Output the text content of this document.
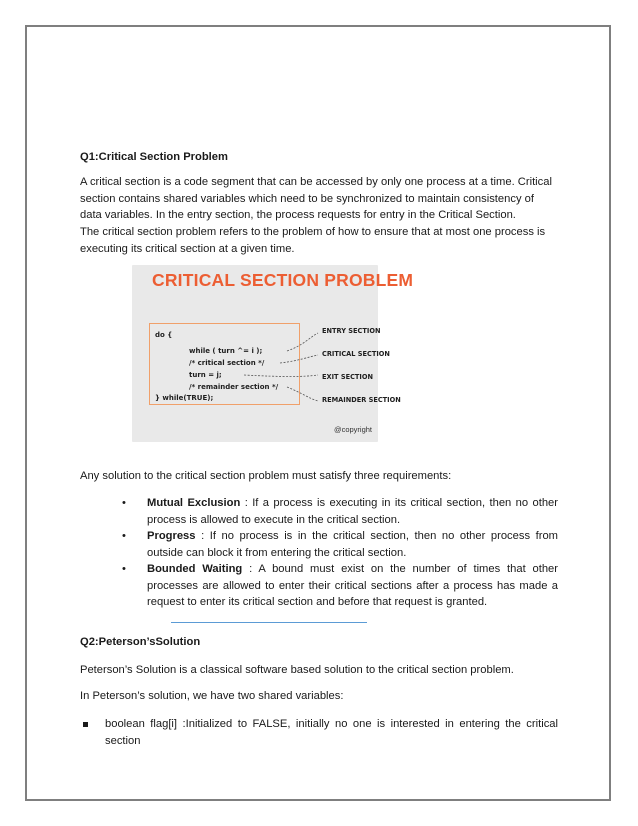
Q1:Critical Section Problem
A critical section is a code segment that can be accessed by only one process at a time. Critical section contains shared variables which need to be synchronized to maintain consistency of data variables. In the entry section, the process requests for entry in the Critical Section.
The critical section problem refers to the problem of how to ensure that at most one process is executing its critical section at a given time.
Any solution to the critical section problem must satisfy three requirements:

• Mutual Exclusion : If a process is executing in its critical section, then no other process is allowed to execute in the critical section.

• Progress : If no process is in the critical section, then no other process from outside can block it from entering the critical section.

• Bounded Waiting : A bound must exist on the number of times that other processes are allowed to enter their critical sections after a process has made a request to enter its critical section and before that request is granted.

Q2:Peterson’sSolution
Peterson’s Solution is a classical software based solution to the critical section problem.
In Peterson’s solution, we have two shared variables:
boolean flag[i] :Initialized to FALSE, initially no one is interested in entering the critical section
CRITICAL SECTION PROBLEM
do {
while ( turn ^= i );
/* critical section */
turn = j;
/* remainder section */
} while(TRUE);
ENTRY SECTION
CRITICAL SECTION
EXIT SECTION
REMAINDER SECTION
@copyright
